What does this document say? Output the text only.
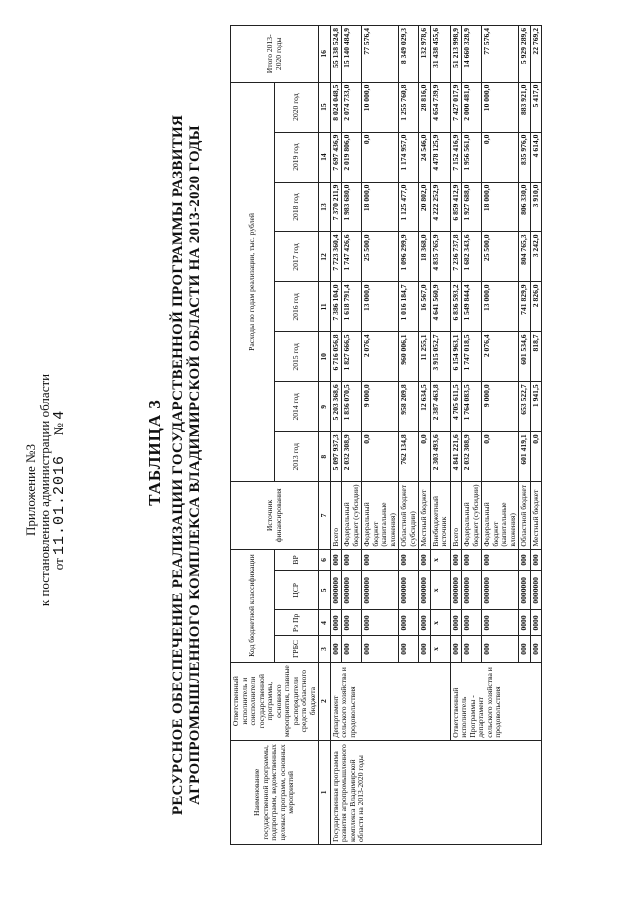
Приложение №3 к постановлению администрации области от 11.01.2016      № 4	ТАБЛИЦА 3 РЕСУРСНОЕ ОБЕСПЕЧЕНИЕ РЕАЛИЗАЦИИ ГОСУДАРСТВЕННОЙ ПРОГРАММЫ РАЗВИТИЯ АГРОПРОМЫШЛЕННОГО КОМПЛЕКСА ВЛАДИМИРСКОЙ ОБЛАСТИ НА 2013-2020 ГОДЫ	Наименование государственной программы, подпрограмм, ведомственных целевых программ, основных мероприятий	Ответственный исполнитель и соисполнители государственной программы, основного мероприятия, главные распорядители средств областного бюджета	Код бюджетной классификации				Источник финансирования	Расходы по годам реализации, тыс. рублей								Итого 2013-2020 годы
		ГРБС	Рз Пр	ЦСР	ВР		2013 год	2014 год	2015 год	2016 год	2017 год	2018 год	2019 год	2020 год	
1	2	3	4	5	6	7	8	9	10	11	12	13	14	15	16
Государственная программа развития агропромышленного комплекса Владимирской области на 2013-2020 годы	Департамент сельского хозяйства и продовольствия	000	0000	0000000	000	Всего	5 097 937,3	5 203 368,6	6 716 056,8	7 386 104,0	7 723 360,4	7 370 211,9	7 697 436,9	8 024 048,5	55 138 524,8
		000	0000	0000000	000	Федеральный бюджет (субсидии)	2 032 308,9	1 836 070,5	1 827 666,5	1 618 791,4	1 747 426,6	1 983 680,0	2 019 806,0	2 074 733,0	15 140 484,9
		000	0000	0000000	000	Федеральный бюджет (капитальные вложения)	0,0	9 000,0	2 076,4	13 000,0	25 500,0	18 000,0	0,0	10 000,0	77 576,4
		000	0000	0000000	000	Областной бюджет (субсидии)	762 134,8	958 209,8	960 006,1	1 016 184,7	1 096 299,9	1 125 477,0	1 174 957,0	1 255 760,8	8 349 029,3
		000	0000	0000000	000	Местный бюджет	0,0	12 634,5	11 255,1	16 567,0	18 368,0	20 802,0	24 546,0	28 816,0	132 978,6
		x	x	x	x	Внебюджетный источник	2 303 493,6	2 387 463,8	3 915 052,7	4 641 560,9	4 835 765,9	4 222 252,9	4 478 125,9	4 654 739,9	31 438 455,6
	Ответственный исполнитель Программы - департамент сельского хозяйства и продовольствия	000	0000	0000000	000	Всего	4 841 221,6	4 705 611,5	6 154 963,1	6 836 593,2	7 236 737,8	6 859 412,9	7 152 416,9	7 427 017,9	51 213 998,9
		000	0000	0000000	000	Федеральный бюджет (субсидии)	2 032 308,9	1 764 083,5	1 747 018,5	1 549 844,4	1 682 343,6	1 927 688,0	1 956 561,0	2 000 481,0	14 660 328,9
		000	0000	0000000	000	Федеральный бюджет (капитальные вложения)	0,0	9 000,0	2 076,4	13 000,0	25 500,0	18 000,0	0,0	10 000,0	77 576,4
		000	0000	0000000	000	Областной бюджет	601 419,1	653 522,7	601 534,6	741 829,9	804 765,3	806 330,0	835 976,0	883 921,0	5 929 289,6
		000	0000	0000000	000	Местный бюджет	0,0	1 941,5	818,7	2 826,0	3 242,0	3 910,0	4 614,0	5 417,0	22 769,2
